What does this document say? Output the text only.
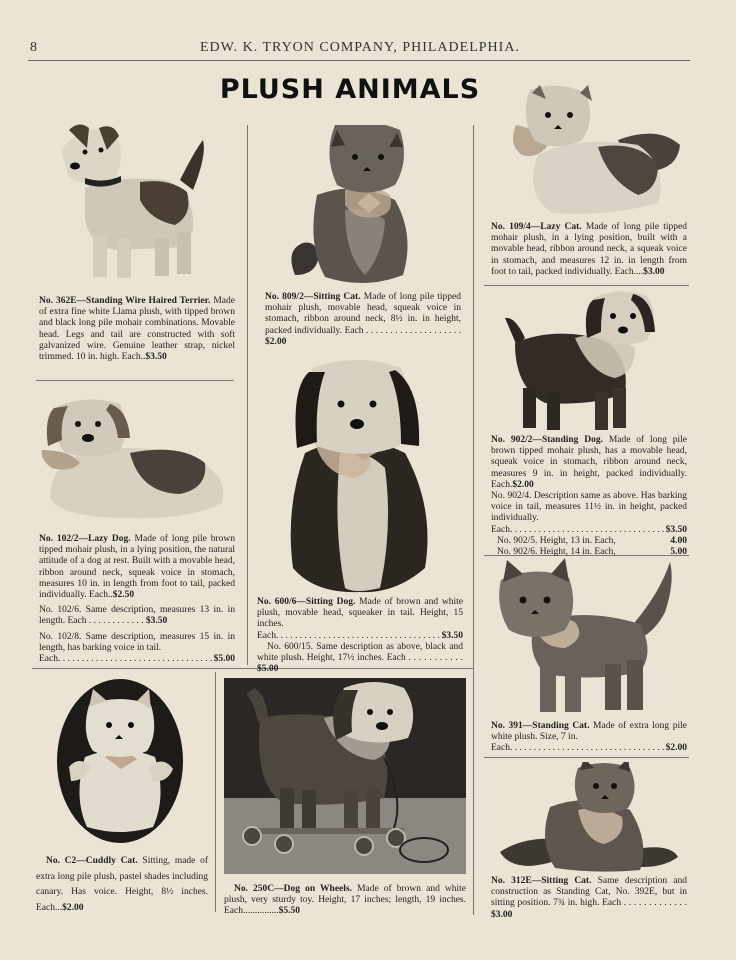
8	EDW. K. TRYON COMPANY, PHILADELPHIA.
PLUSH ANIMALS

No. 362E—Standing Wire Haired Terrier. Made of extra fine white Llama plush, with tipped brown and black long pile mohair combinations. Movable head. Legs and tail are constructed with soft galvanized wire. Genuine leather strap, nickel trimmed. 10 in. high. Each..$3.50

No. 809/2—Sitting Cat. Made of long pile tipped mohair plush, movable head, squeak voice in stomach, ribbon around neck, 8½ in. in height, packed individually. Each . . . . . . . . . . . . . . . . . . . . $2.00

No. 109/4—Lazy Cat. Made of long pile tipped mohair plush, in a lying position, built with a movable head, ribbon around neck, a squeak voice in stomach, and measures 12 in. in length from foot to tail, packed individually. Each....$3.00

No. 902/2—Standing Dog. Made of long pile brown tipped mohair plush, has a movable head, squeak voice in stomach, ribbon around neck, measures 9 in. in height, packed individually. Each.$2.00

No. 902/4. Description same as above. Has barking voice in tail, measures 11½ in. in height, packed individually.

Each . . .	$3.50
No. 902/5. Height, 13 in. Each,	4.00
No. 902/6. Height, 14 in. Each,	5.00

No. 102/2—Lazy Dog. Made of long pile brown tipped mohair plush, in a lying position, the natural attitude of a dog at rest. Built with a movable head, ribbon around neck, squeak voice in stomach, measures 10 in. in length from foot to tail, packed individually. Each..$2.50

No. 102/6. Same description, measures 13 in. in length. Each . . . . . . . . . . . . $3.50

No. 102/8. Same description, measures 15 in. in length, has barking voice in tail.

Each . . .	$5.00

No. 600/6—Sitting Dog. Made of brown and white plush, movable head, squeaker in tail. Height, 15 inches.

Each . . .	$3.50

No. 600/15. Same description as above, black and white plush. Height, 17½ inches. Each . . . . . . . . . . . $5.00

No. 391—Standing Cat. Made of extra long pile white plush. Size, 7 in.

Each . . .	$2.00

No. C2—Cuddly Cat. Sitting, made of extra long pile plush, pastel shades including canary. Has voice. Height, 8½ inches. Each...$2.00

No. 250C—Dog on Wheels. Made of brown and white plush, very sturdy toy. Height, 17 inches; length, 19 inches. Each...............$5.50

No. 312E—Sitting Cat. Same description and construction as Standing Cat, No. 392E, but in sitting position. 7¾ in. high. Each . . . . . . . . . . . . . $3.00
